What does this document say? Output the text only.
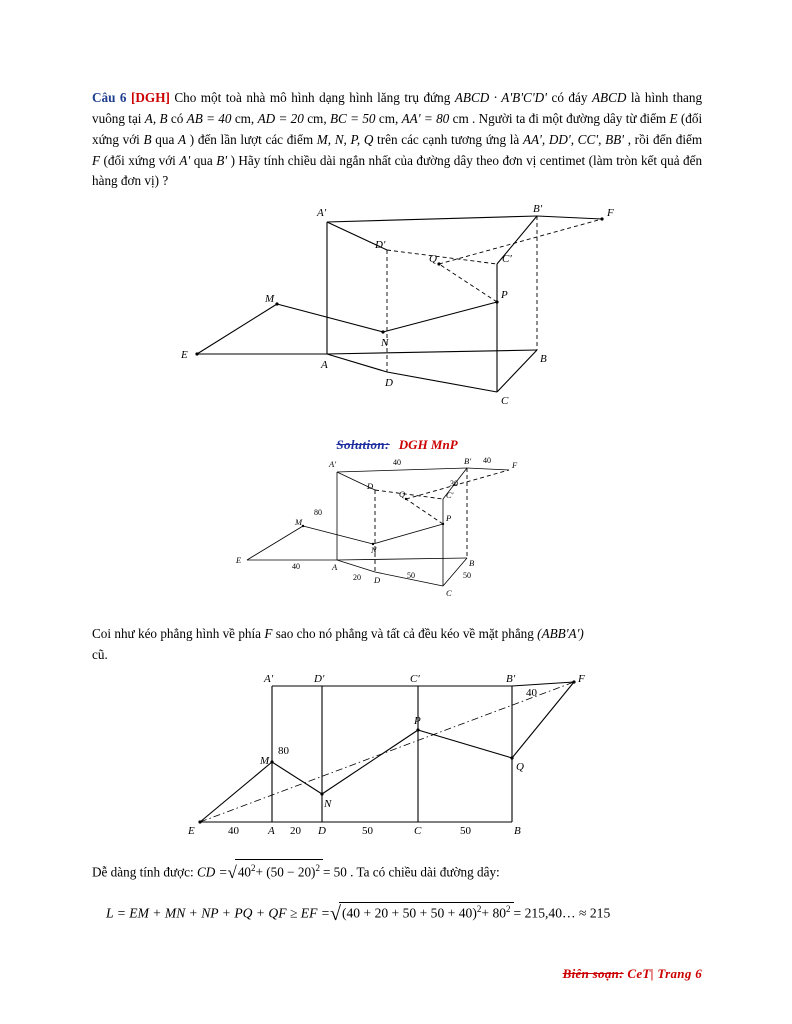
Câu 6 [DGH] Cho một toà nhà mô hình dạng hình lăng trụ đứng ABCD · A'B'C'D' có đáy ABCD là hình thang vuông tại A, B có AB = 40 cm, AD = 20 cm, BC = 50 cm, AA' = 80 cm . Người ta đi một đường dây từ điểm E (đối xứng với B qua A ) đến lần lượt các điểm M, N, P, Q trên các cạnh tương ứng là AA', DD', CC', BB' , rồi đến điểm F (đối xứng với A' qua B' ) Hãy tính chiều dài ngắn nhất của đường dây theo đơn vị centimet (làm tròn kết quả đến hàng đơn vị) ?
A′	B′
D′
C′
A	B
D
C
E
F
M
N
P
Q
Solution: DGH MnP
A′	B′
D
C′
A	B
D
C
E
F
M
N
P
Q
40	40
30
80
40
20	50	50
Coi như kéo phẳng hình về phía F sao cho nó phẳng và tất cả đều kéo về mặt phẳng (ABB'A')
cũ.
A′	D′	C′	B′	F
E	A	D	C	B
M
N
P
Q
80
40
40	20	50	50
Dễ dàng tính được: CD $=√40^2+ (50 - 20)^2 = 50$ . Ta có chiều dài đường dây:
L = EM + MN + NP + PQ + QF ≥ EF $=√(40 + 20 + 50 + 50 + 40)^2+ 80^2$ = 215,40… ≈ 215
Biên soạn: CeT| Trang 6
